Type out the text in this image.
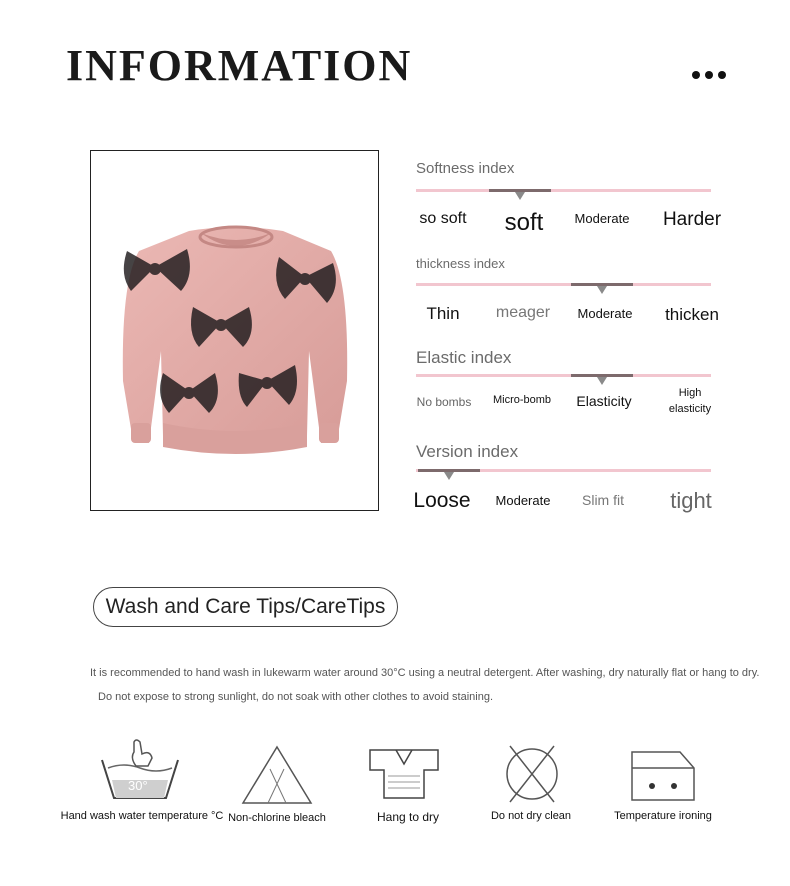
INFORMATION
Softness index
so soft soft Moderate Harder
thickness index
Thin meager Moderate thicken
Elastic index
No bombs Micro-bomb Elasticity	High elasticity
Version index
Loose Moderate Slim fit tight
Wash and Care Tips/CareTips
It is recommended to hand wash in lukewarm water around 30°C using a neutral detergent. After washing, dry naturally flat or hang to dry.
Do not expose to strong sunlight, do not soak with other clothes to avoid staining.
30°
Hand wash water temperature °C Non-chlorine bleach	Hang to dry	Do not dry clean	Temperature ironing
